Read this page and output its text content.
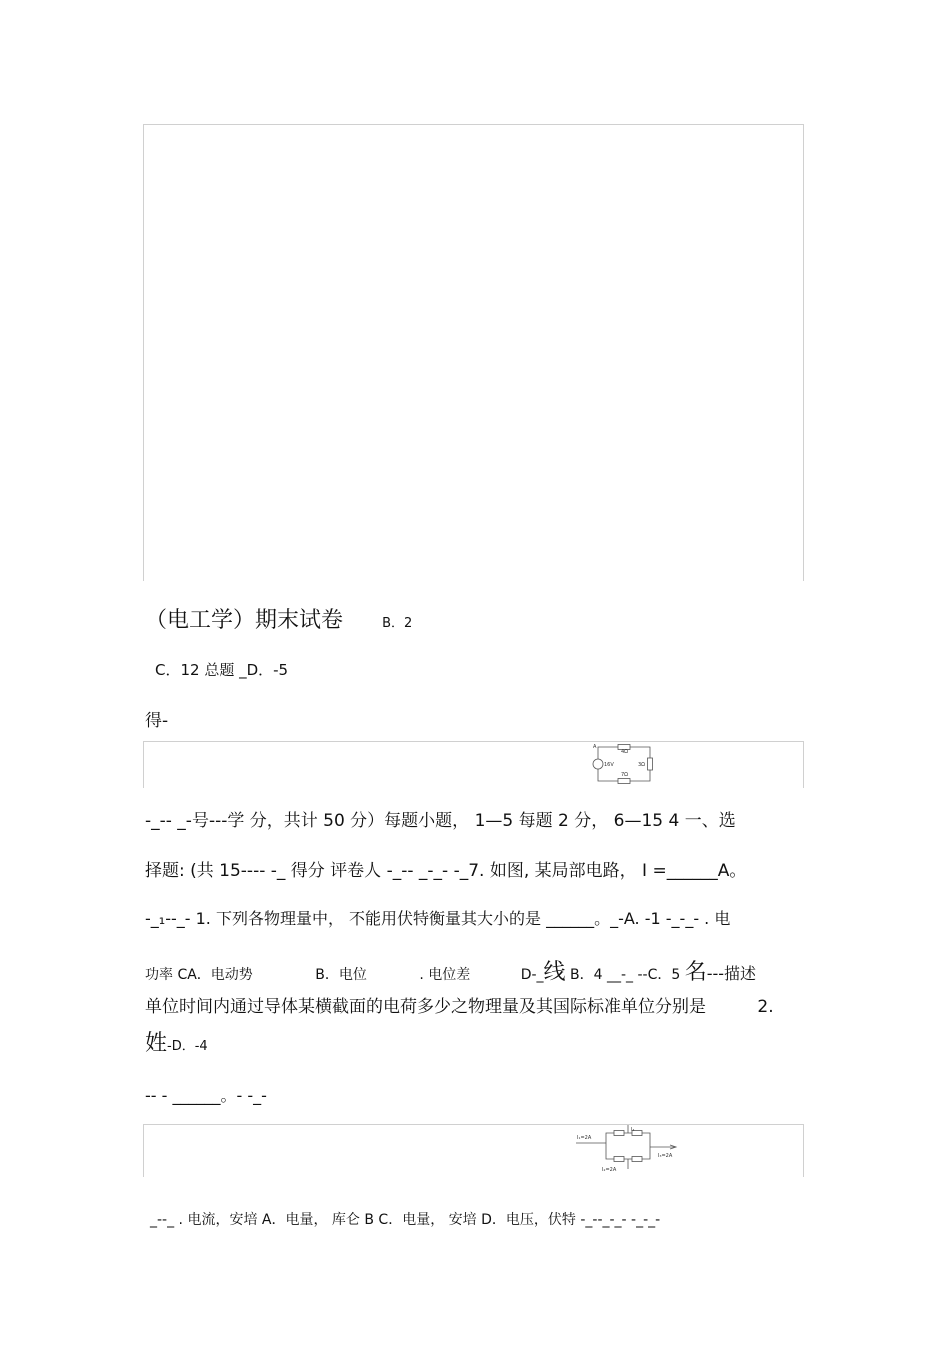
（电工学）期末试卷	B．2
C．12 总题 _D．-5
得-
A
16V
4Ω
3Ω
7Ω
-_-- _-号---学 分，共计 50 分）每题小题， 1—5 每题 2 分， 6—15 4 一、选
择题: (共 15---- -_ 得分 评卷人 -_-- _-_- -_7. 如图, 某局部电路， I =______A。
-_₁--_- 1. 下列各物理量中， 不能用伏特衡量其大小的是 ______。_-A. -1 -_-_- . 电
功率 CA．电动势	B．电位	. 电位差	D-_线 B．4 __-_ --C．5 名---描述
单位时间内通过导体某横截面的电荷多少之物理量及其国际标准单位分别是	2.
姓-D．-4
-- - ______。- -_-
I₁=2A
I₂=2A
I₃=2A
I₄
_--_ . 电流，安培 A．电量， 库仑 B C．电量， 安培 D．电压，伏特 -_--_-_- -_-_-
